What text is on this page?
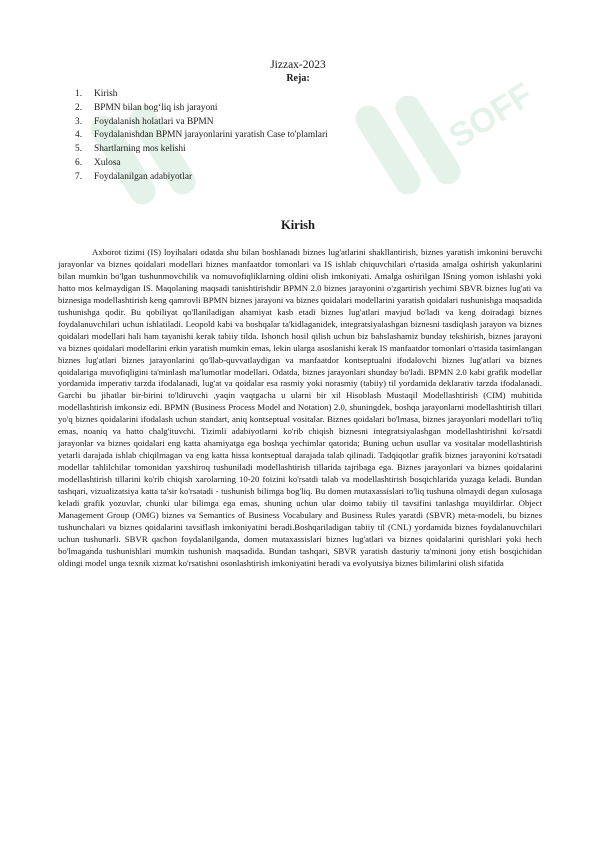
SOFF
Jizzax-2023
Reja:
1. Kirish
2. BPMN bilan bog‘liq ish jarayoni
3. Foydalanish holatlari va BPMN
4. Foydalanishdan BPMN jarayonlarini yaratish Case to'plamlari
5. Shartlarning mos kelishi
6. Xulosa
7. Foydalanilgan adabiyotlar
Kirish

Axborot tizimi (IS) loyihalari odatda shu bilan boshlanadi biznes lug'atlarini shakllantirish, biznes yaratish imkonini beruvchi jarayonlar va biznes qoidalari modellari biznes manfaatdor tomonlari va IS ishlab chiquvchilari o'rtasida amalga oshirish yakunlarini bilan mumkin bo'lgan tushunmovchilik va nomuvofiqliklarning oldini olish imkoniyati. Amalga oshirilgan ISning yomon ishlashi yoki hatto mos kelmaydigan IS. Maqolaning maqsadi tanishtirishdir BPMN 2.0 biznes jarayonini o'zgartirish yechimi SBVR biznes lug'ati va biznesiga modellashtirish keng qamrovli BPMN biznes jarayoni va biznes qoidalari modellarini yaratish qoidalari tushunishga maqsadida tushunishga qodir. Bu qobiliyat qo'llaniladigan ahamiyat kasb etadi biznes lug'atlari mavjud bo'ladi va keng doiradagi biznes foydalanuvchilari uchun ishlatiladi. Leopold kabi va boshqalar ta'kidlaganidek, integratsiyalashgan biznesni tasdiqlash jarayon va biznes qoidalari modellari hali ham tayanishi kerak tabiiy tilda. Ishonch hosil qilish uchun biz bahslashamiz bunday tekshirish, biznes jarayoni va biznes qoidalari modellarini erkin yaratish mumkin emas, lekin ularga asoslanishi kerak IS manfaatdor tomonlari o'rtasida tasimlangan biznes lug'atlari biznes jarayonlarini qo'llab-quvvatlaydigan va manfaatdor kontseptualni ifodalovchi biznes lug'atlari va biznes qoidalariga muvofiqligini ta'minlash ma'lumotlar modellari. Odatda, biznes jarayonlari shunday bo'ladi. BPMN 2.0 kabi grafik modellar yordamida imperativ tarzda ifodalanadi, lug'at va qoidalar esa rasmiy yoki norasmiy (tabiiy) til yordamida deklarativ tarzda ifodalanadi. Garchi bu jihatlar bir-birini to'ldiruvchi ,yaqin vaqtgacha u ularni bir xil Hisoblash Mustaqil Modellashtirish (CIM) muhitida modellashtirish imkonsiz edi. BPMN (Business Process Model and Notation) 2.0, shuningdek, boshqa jarayonlarni modellashtirish tillari yo'q biznes qoidalarini ifodalash uchun standart, aniq kontseptual vositalar. Biznes qoidalari bo'lmasa, biznes jarayonlari modellari to'liq emas, noaniq va hatto chalg'ituvchi. Tizimli adabiyotlarni ko'rib chiqish biznesni integratsiyalashgan modellashtirishni ko'rsatdi jarayonlar va biznes qoidalari eng katta ahamiyatga ega boshqa yechimlar qatorida; Buning uchun usullar va vositalar modellashtirish yetarli darajada ishlab chiqilmagan va eng katta hissa kontseptual darajada talab qilinadi. Tadqiqotlar grafik biznes jarayonini ko'rsatadi modellar tahlilchilar tomonidan yaxshiroq tushuniladi modellashtirish tillarida tajribaga ega. Biznes jarayonlari va biznes qoidalarini modellashtirish tillarini ko'rib chiqish xarolarning 10-20 foizini ko'rsatdi talab va modellashtirish bosqichlarida yuzaga keladi. Bundan tashqari, vizualizatsiya katta ta'sir ko'rsatadi - tushunish bilimga bog'liq. Bu domen mutaxassislari to'liq tushuna olmaydi degan xulosaga keladi grafik yozuvlar, chunki ular bilimga ega emas, shuning uchun ular doimo tabiiy til tavsifini tanlashga muyildirlar. Object Management Group (OMG) biznes va Semantics of Business Vocabulary and Business Rules yaratdi (SBVR) meta-modeli, bu biznes tushunchalari va biznes qoidalarini tavsiflash imkoniyatini beradi.Boshqariladigan tabiiy til (CNL) yordamida biznes foydalanuvchilari uchun tushunarli. SBVR qachon foydalanilganda, domen mutaxassislari biznes lug'atlari va biznes qoidalarini qurishlari yoki hech bo'lmaganda tushunishlari mumkin tushunish maqsadida. Bundan tashqari, SBVR yaratish dasturiy ta'minoni jony etish bosqichidan oldingi model unga texnik xizmat ko'rsatishni osonlashtirish imkoniyatini beradi va evolyutsiya biznes bilimlarini olish sifatida
